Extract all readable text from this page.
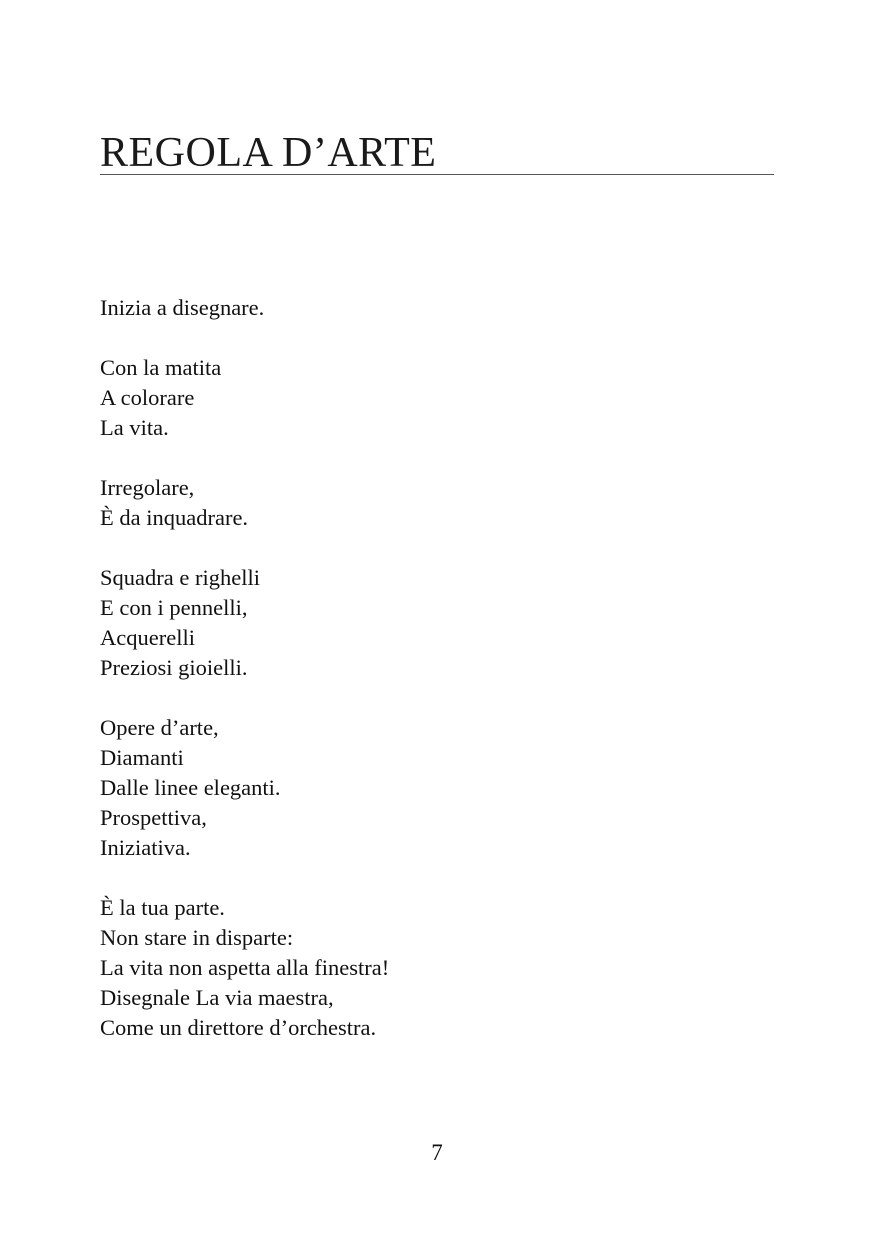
REGOLA D’ARTE
Inizia a disegnare.
Con la matita
A colorare
La vita.
Irregolare,
È da inquadrare.
Squadra e righelli
E con i pennelli,
Acquerelli
Preziosi gioielli.
Opere d’arte,
Diamanti
Dalle linee eleganti.
Prospettiva,
Iniziativa.
È la tua parte.
Non stare in disparte:
La vita non aspetta alla finestra!
Disegnale La via maestra,
Come un direttore d’orchestra.
7
